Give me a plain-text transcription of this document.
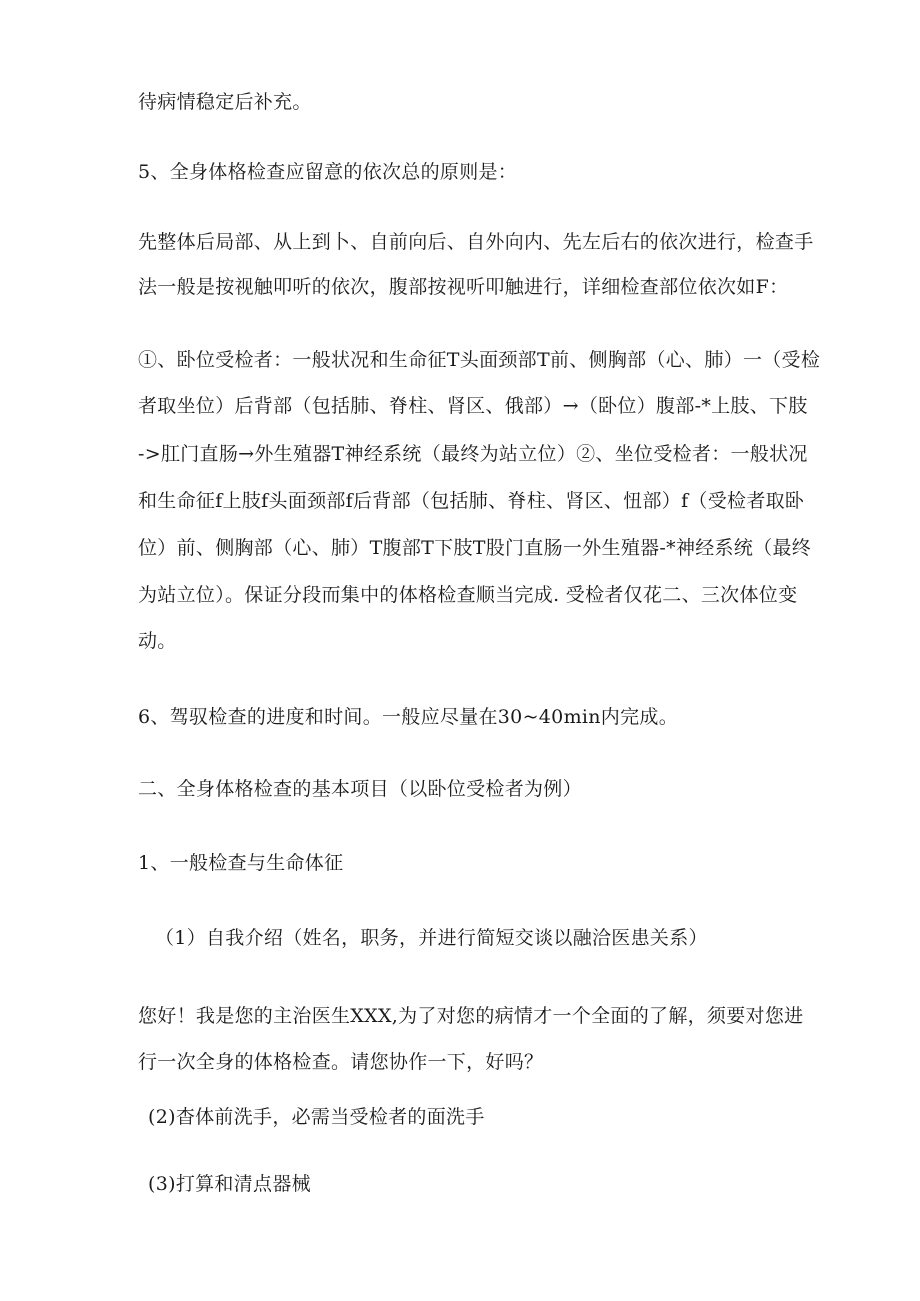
待病情稳定后补充。
5、全身体格检查应留意的依次总的原则是：
先整体后局部、从上到卜、自前向后、自外向内、先左后右的依次进行，检查手
法一般是按视触叩听的依次，腹部按视听叩触进行，详细检查部位依次如F：
①、卧位受检者：一般状况和生命征T头面颈部T前、侧胸部（心、肺）一（受检
者取坐位）后背部（包括肺、脊柱、肾区、俄部）→（卧位）腹部-*上肢、下肢
->肛门直肠→外生殖器T神经系统（最终为站立位）②、坐位受检者：一般状况
和生命征f上肢f头面颈部f后背部（包括肺、脊柱、肾区、忸部）f（受检者取卧
位）前、侧胸部（心、肺）T腹部T下肢T股门直肠一外生殖器-*神经系统（最终
为站立位）。保证分段而集中的体格检查顺当完成. 受检者仅花二、三次体位变
动。
6、驾驭检查的进度和时间。一般应尽量在30~40min内完成。
二、全身体格检查的基本项目（以卧位受检者为例）
1、一般检查与生命体征
（1）自我介绍（姓名，职务，并进行简短交谈以融洽医患关系）
您好！我是您的主治医生XXX,为了对您的病情才一个全面的了解，须要对您进
行一次全身的体格检查。请您协作一下，好吗？
(2)杳体前洗手，必需当受检者的面洗手
(3)打算和清点器械
